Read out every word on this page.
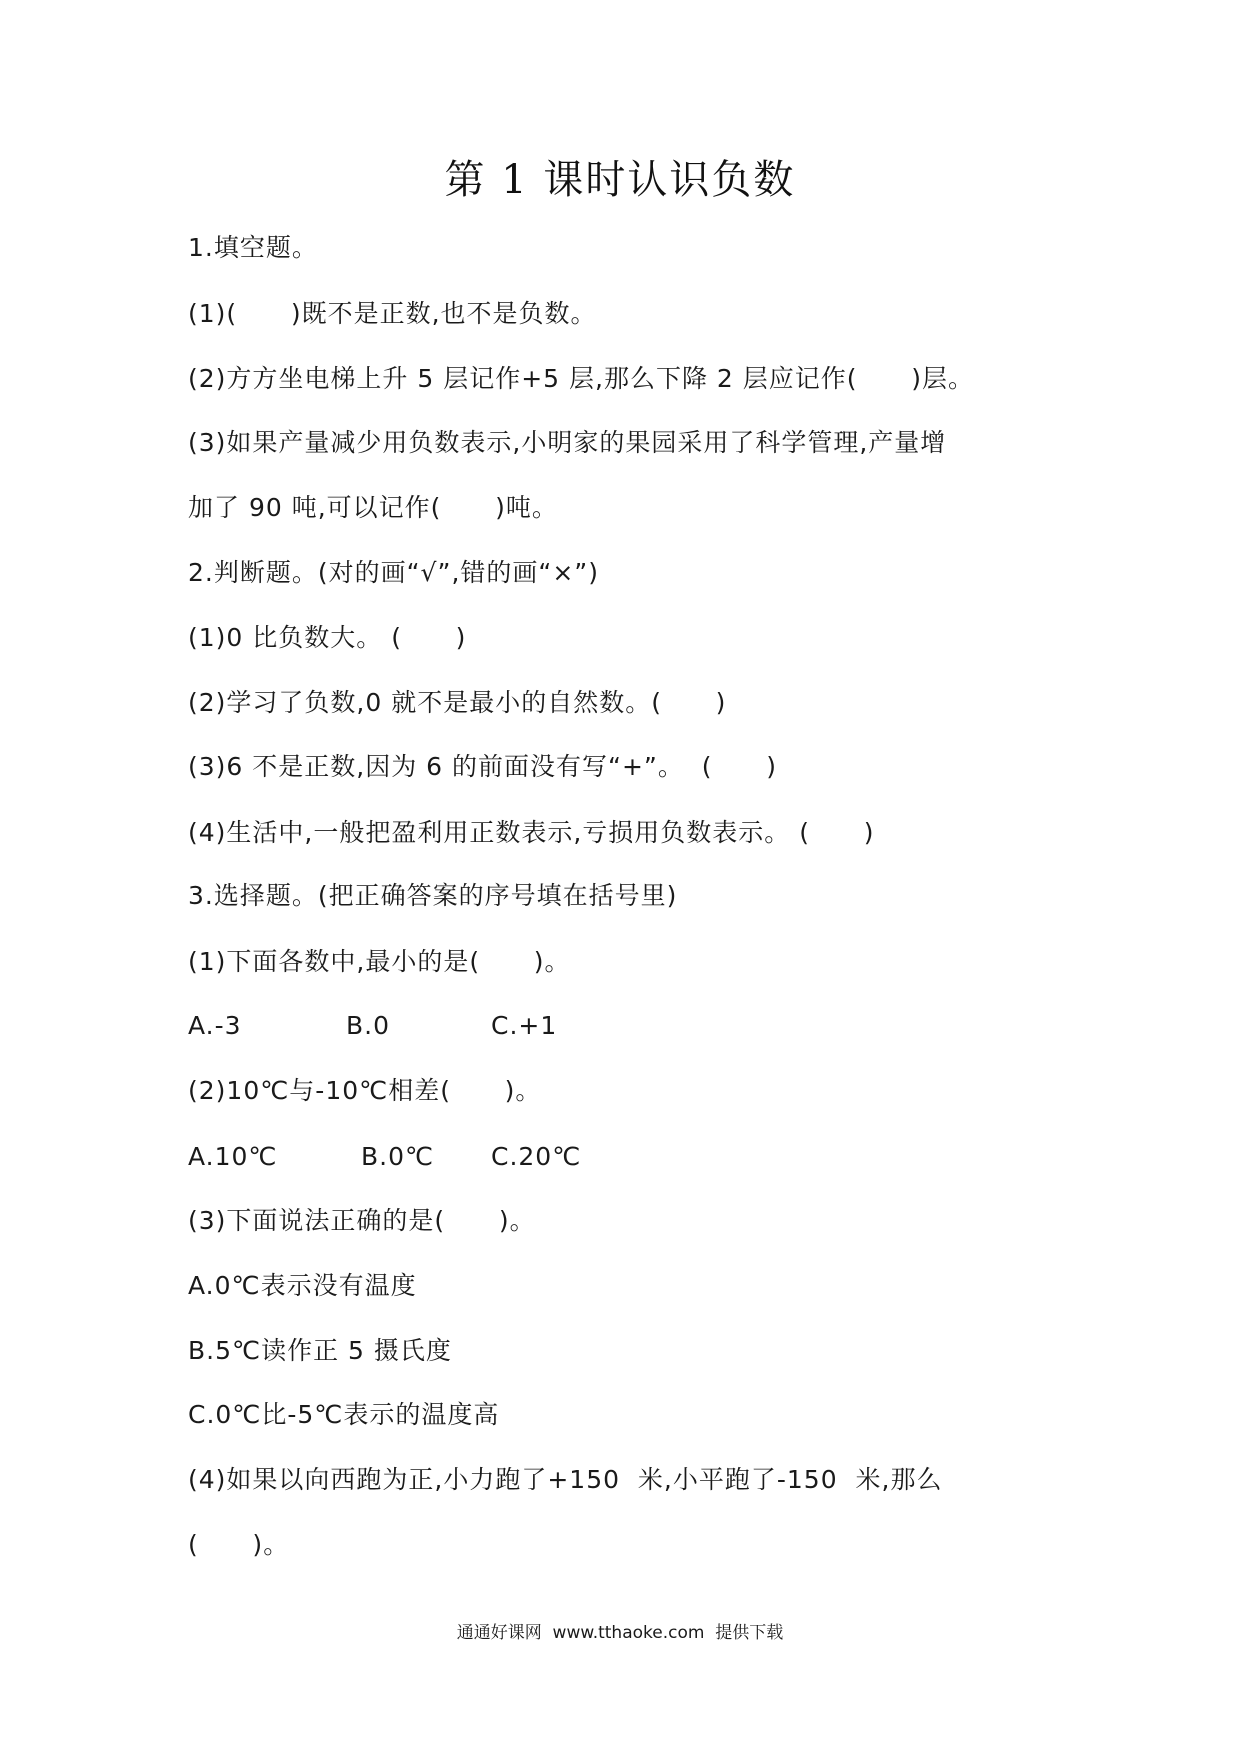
第 1 课时认识负数
1.填空题。
(1)(      )既不是正数,也不是负数。
(2)方方坐电梯上升 5 层记作+5 层,那么下降 2 层应记作(      )层。
(3)如果产量减少用负数表示,小明家的果园采用了科学管理,产量增
加了 90 吨,可以记作(      )吨。
2.判断题。(对的画“√”,错的画“×”)
(1)0 比负数大。 (      )
(2)学习了负数,0 就不是最小的自然数。(      )
(3)6 不是正数,因为 6 的前面没有写“+”。  (      )
(4)生活中,一般把盈利用正数表示,亏损用负数表示。 (      )
3.选择题。(把正确答案的序号填在括号里)
(1)下面各数中,最小的是(      )。
A.-3	B.0	C.+1
(2)10℃与-10℃相差(      )。
A.10℃	B.0℃ C.20℃
(3)下面说法正确的是(      )。
A.0℃表示没有温度
B.5℃读作正 5 摄氏度
C.0℃比-5℃表示的温度高
(4)如果以向西跑为正,小力跑了+150  米,小平跑了-150  米,那么
(      )。
通通好课网  www.tthaoke.com  提供下载
